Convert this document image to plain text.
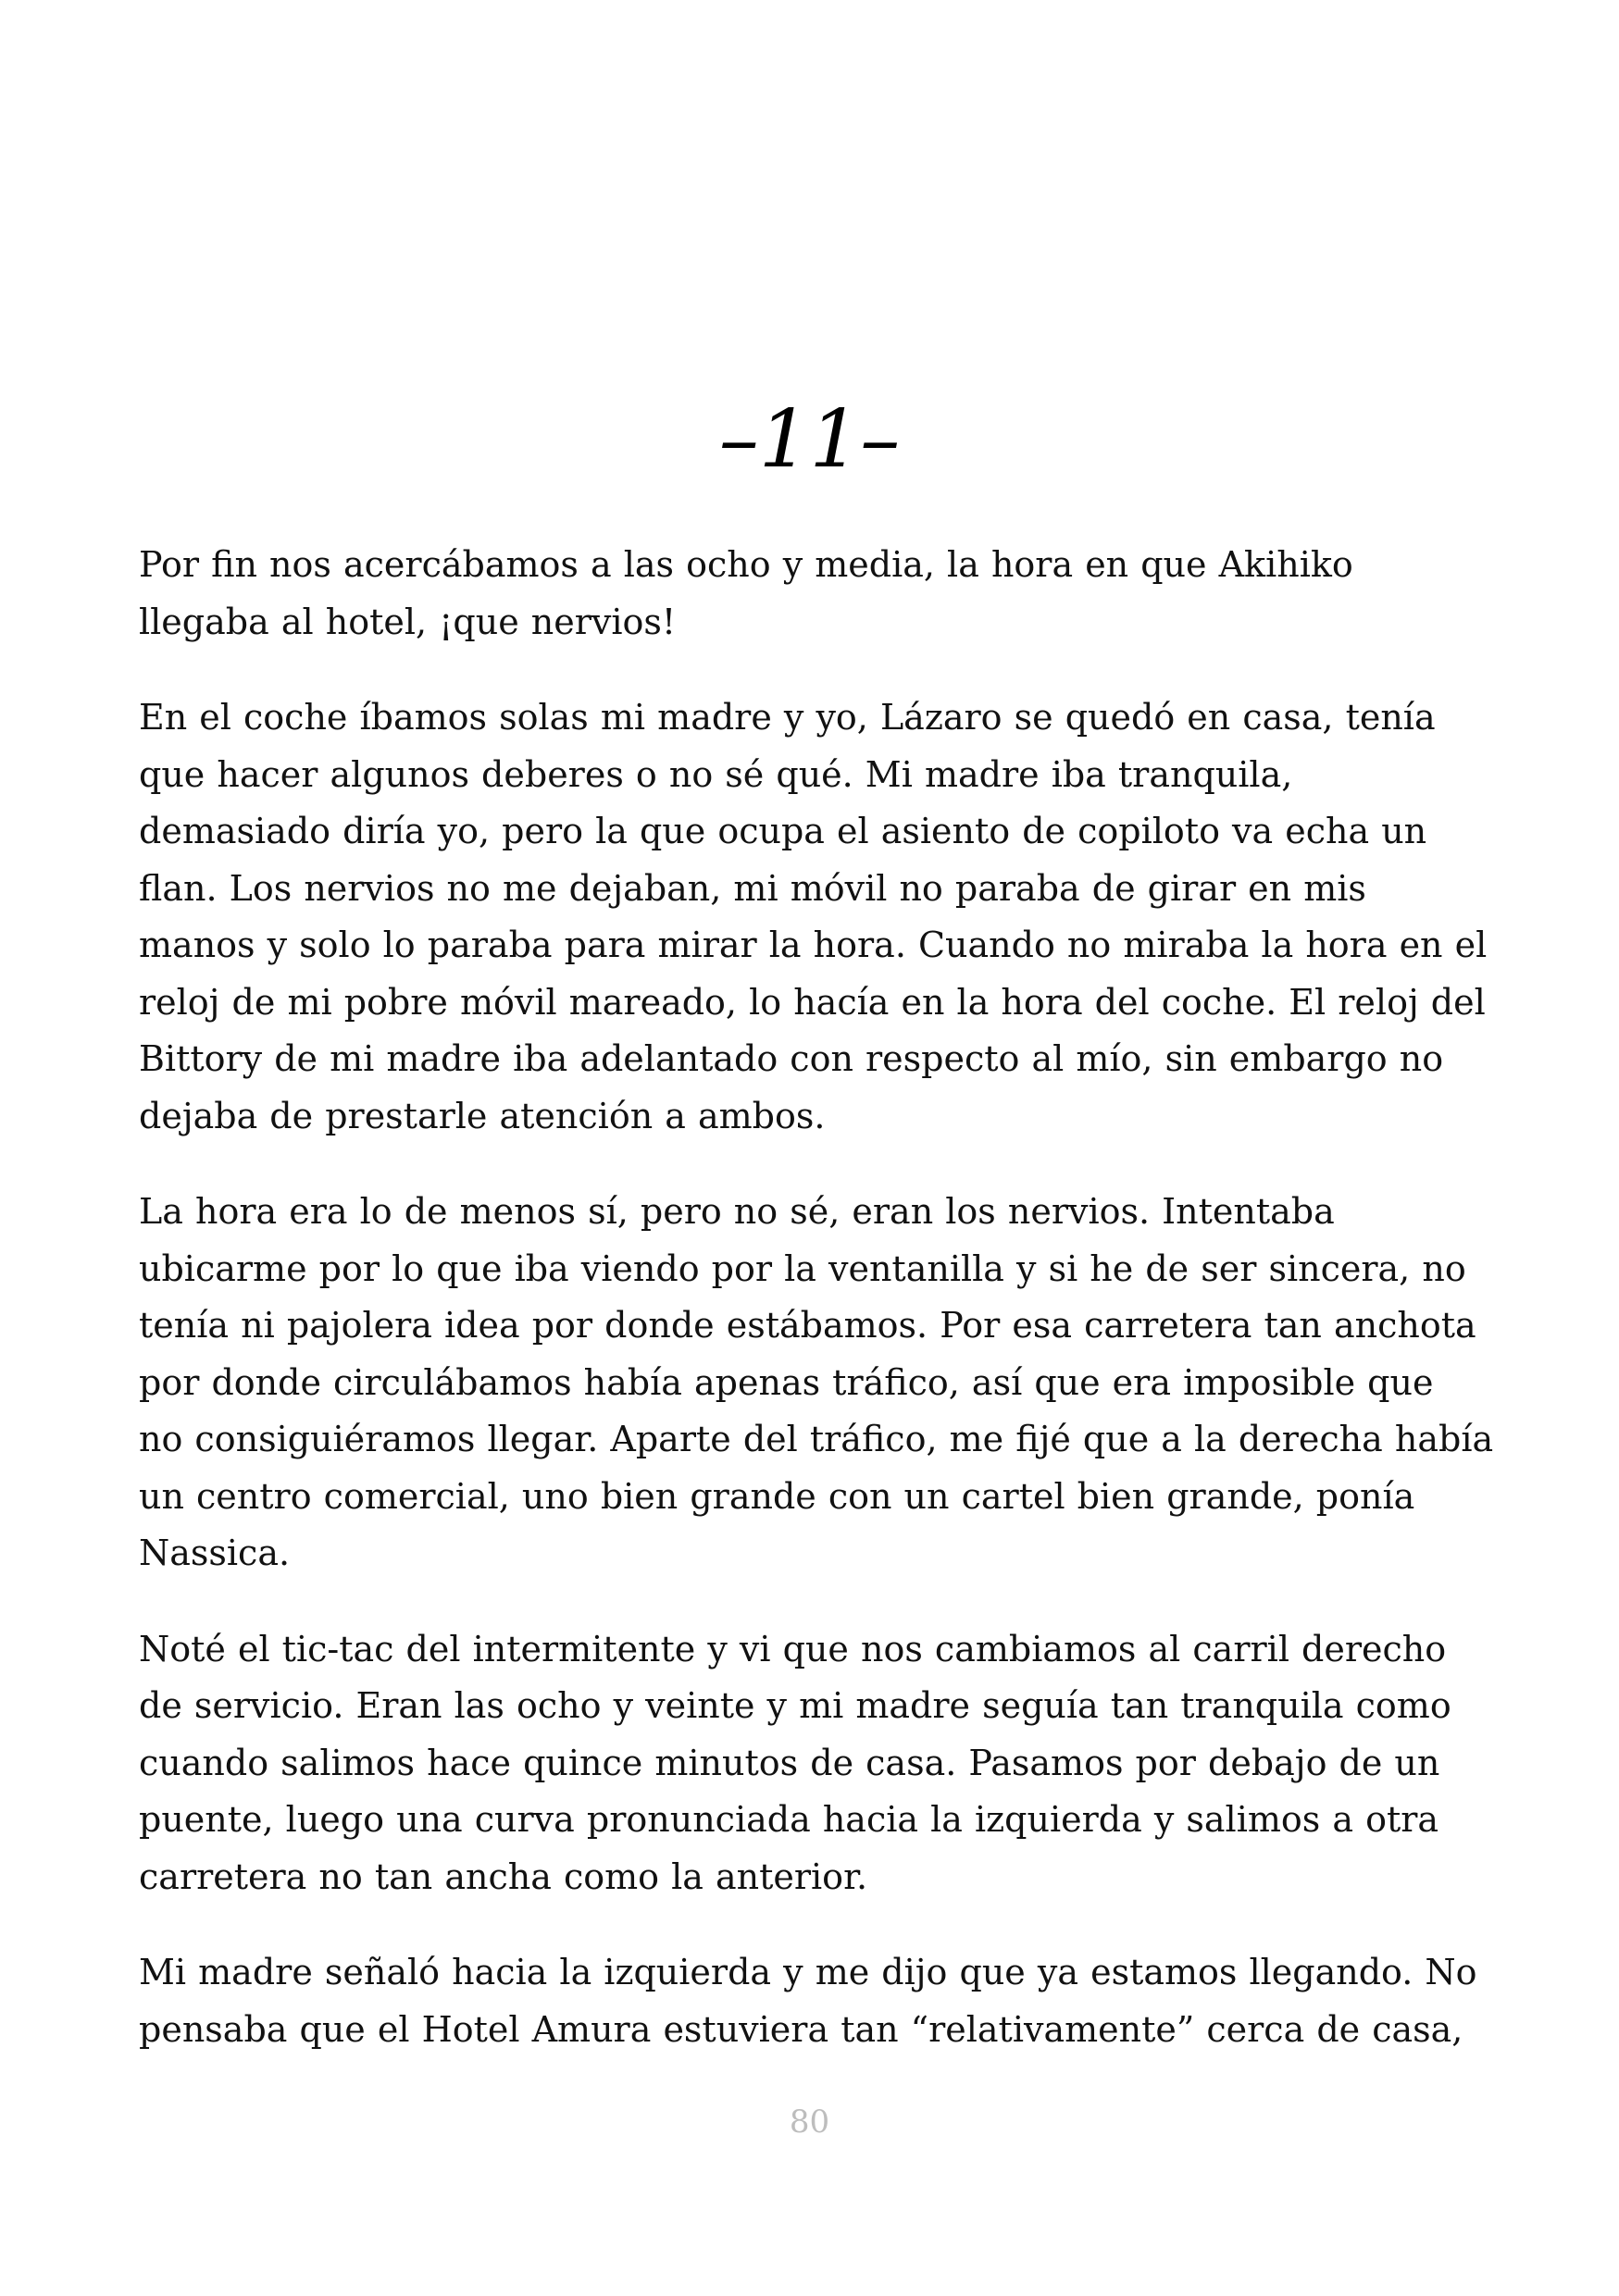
–11–

Por fin nos acercábamos a las ocho y media, la hora en que Akihiko
llegaba al hotel, ¡que nervios!

En el coche íbamos solas mi madre y yo, Lázaro se quedó en casa, tenía
que hacer algunos deberes o no sé qué. Mi madre iba tranquila,
demasiado diría yo, pero la que ocupa el asiento de copiloto va echa un
flan. Los nervios no me dejaban, mi móvil no paraba de girar en mis
manos y solo lo paraba para mirar la hora. Cuando no miraba la hora en el
reloj de mi pobre móvil mareado, lo hacía en la hora del coche. El reloj del
Bittory de mi madre iba adelantado con respecto al mío, sin embargo no
dejaba de prestarle atención a ambos.

La hora era lo de menos sí, pero no sé, eran los nervios. Intentaba
ubicarme por lo que iba viendo por la ventanilla y si he de ser sincera, no
tenía ni pajolera idea por donde estábamos. Por esa carretera tan anchota
por donde circulábamos había apenas tráfico, así que era imposible que
no consiguiéramos llegar. Aparte del tráfico, me fijé que a la derecha había
un centro comercial, uno bien grande con un cartel bien grande, ponía
Nassica.

Noté el tic-tac del intermitente y vi que nos cambiamos al carril derecho
de servicio. Eran las ocho y veinte y mi madre seguía tan tranquila como
cuando salimos hace quince minutos de casa. Pasamos por debajo de un
puente, luego una curva pronunciada hacia la izquierda y salimos a otra
carretera no tan ancha como la anterior.

Mi madre señaló hacia la izquierda y me dijo que ya estamos llegando. No
pensaba que el Hotel Amura estuviera tan “relativamente” cerca de casa,

80
